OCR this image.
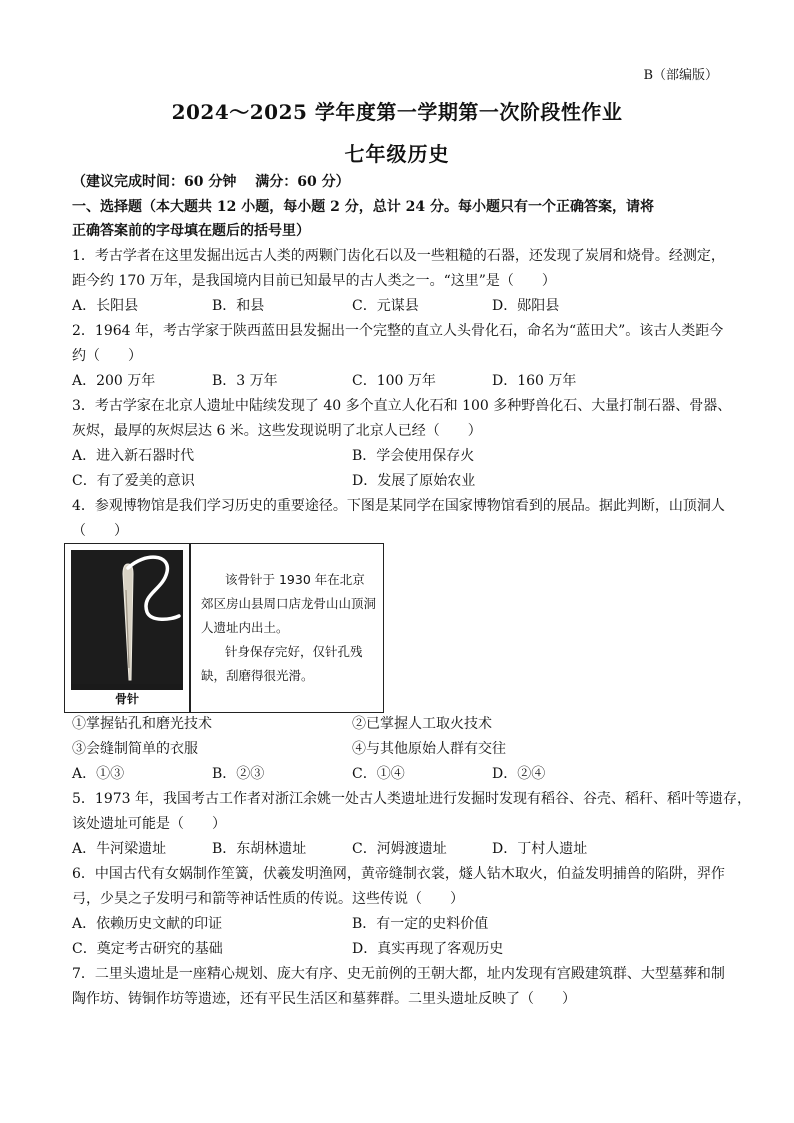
B（部编版）
2024～2025 学年度第一学期第一次阶段性作业
七年级历史
（建议完成时间：60 分钟　 满分：60 分）
一、选择题（本大题共 12 小题，每小题 2 分，总计 24 分。每小题只有一个正确答案，请将
正确答案前的字母填在题后的括号里）
1．考古学者在这里发掘出远古人类的两颗门齿化石以及一些粗糙的石器，还发现了炭屑和烧骨。经测定，
距今约 170 万年，是我国境内目前已知最早的古人类之一。“这里”是（　　）
A．长阳县	B．和县	C．元谋县	D．郧阳县
2．1964 年，考古学家于陕西蓝田县发掘出一个完整的直立人头骨化石，命名为“蓝田犬”。该古人类距今
约（　　）
A．200 万年	B．3 万年	C．100 万年	D．160 万年
3．考古学家在北京人遗址中陆续发现了 40 多个直立人化石和 100 多种野兽化石、大量打制石器、骨器、
灰烬，最厚的灰烬层达 6 米。这些发现说明了北京人已经（　　）
A．进入新石器时代	B．学会使用保存火
C．有了爱美的意识	D．发展了原始农业
4．参观博物馆是我们学习历史的重要途径。下图是某同学在国家博物馆看到的展品。据此判断，山顶洞人
（　　）
骨针

该骨针于 1930 年在北京郊区房山县周口店龙骨山山顶洞人遗址内出土。

针身保存完好，仅针孔残缺，刮磨得很光滑。

①掌握钻孔和磨光技术	②已掌握人工取火技术
③会缝制简单的衣服	④与其他原始人群有交往
A．①③	B．②③	C．①④	D．②④
5．1973 年，我国考古工作者对浙江余姚一处古人类遗址进行发掘时发现有稻谷、谷壳、稻秆、稻叶等遗存，
该处遗址可能是（　　）
A．牛河梁遗址	B．东胡林遗址	C．河姆渡遗址	D．丁村人遗址
6．中国古代有女娲制作笙簧，伏羲发明渔网，黄帝缝制衣裳，燧人钻木取火，伯益发明捕兽的陷阱，羿作
弓，少昊之子发明弓和箭等神话性质的传说。这些传说（　　）
A．依赖历史文献的印证	B．有一定的史料价值
C．奠定考古研究的基础	D．真实再现了客观历史
7．二里头遗址是一座精心规划、庞大有序、史无前例的王朝大都，址内发现有宫殿建筑群、大型墓葬和制
陶作坊、铸铜作坊等遗迹，还有平民生活区和墓葬群。二里头遗址反映了（　　）
